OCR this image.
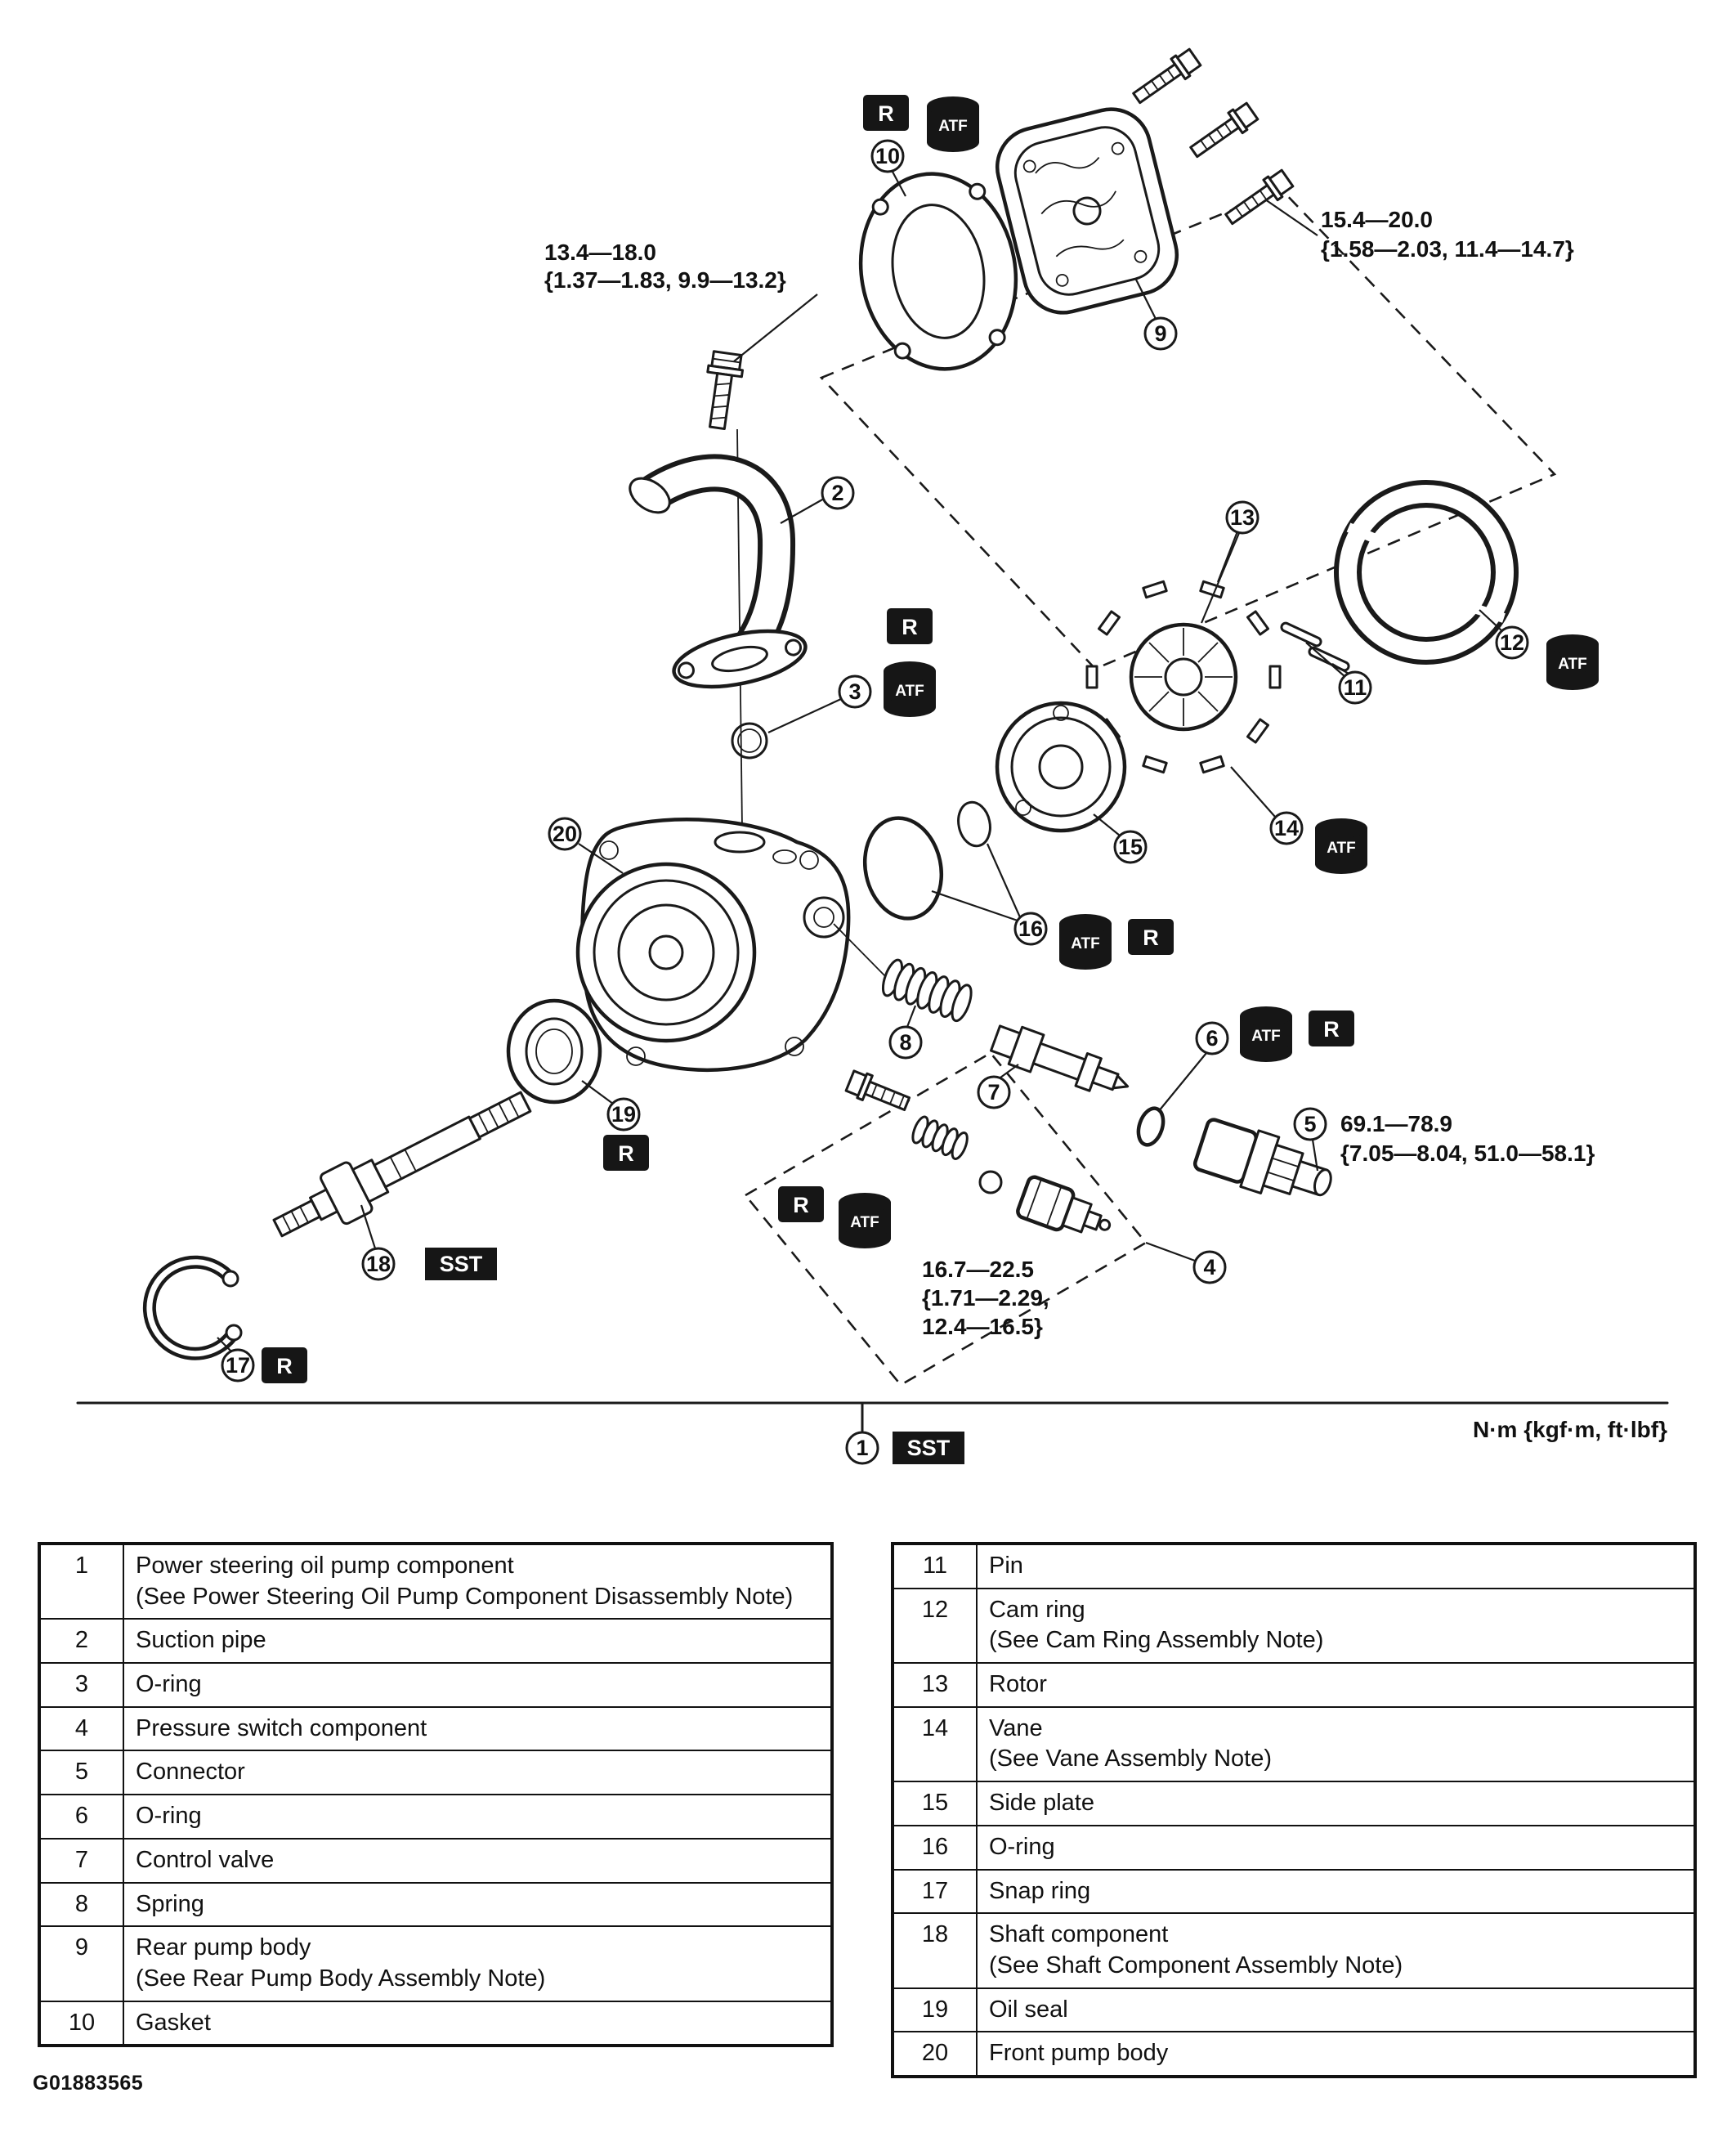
13.4—18.0
{1.37—1.83, 9.9—13.2}
15.4—20.0
{1.58—2.03, 11.4—14.7}
69.1—78.9
{7.05—8.04, 51.0—58.1}
16.7—22.5
{1.71—2.29,
12.4—16.5}
N·m {kgf·m, ft·lbf}
ATF
ATF
ATF
ATF
ATF
ATF
ATF
R
R
R
R
R
R
R
SST
SST
1
2
3
4
5
6
7
8
9
10
11
12
13
14
15
16
17
18
19
20
1	Power steering oil pump component
(See Power Steering Oil Pump Component Disassembly Note)

2	Suction pipe

3	O-ring

4	Pressure switch component

5	Connector

6	O-ring

7	Control valve

8	Spring

9	Rear pump body
(See Rear Pump Body Assembly Note)

10	Gasket
11	Pin

12	Cam ring
(See Cam Ring Assembly Note)

13	Rotor

14	Vane
(See Vane Assembly Note)

15	Side plate

16	O-ring

17	Snap ring

18	Shaft component
(See Shaft Component Assembly Note)

19	Oil seal

20	Front pump body
G01883565
